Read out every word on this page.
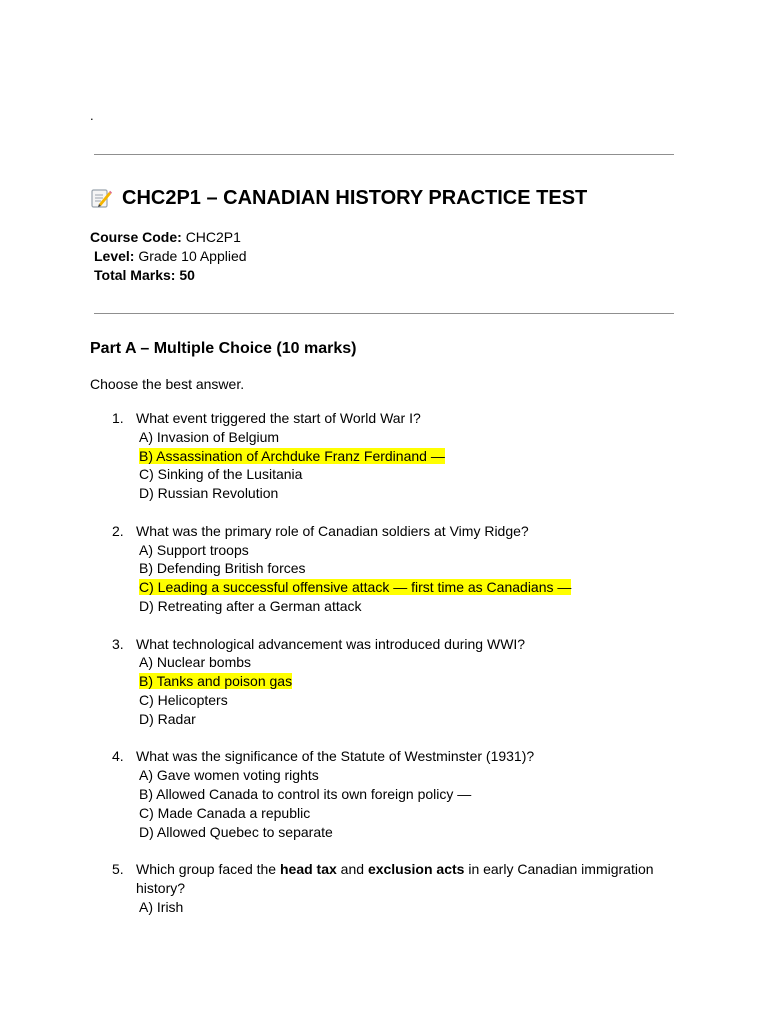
.
CHC2P1 – CANADIAN HISTORY PRACTICE TEST
Course Code: CHC2P1
Level: Grade 10 Applied
Total Marks: 50
Part A – Multiple Choice (10 marks)
Choose the best answer.
1. What event triggered the start of World War I?
A) Invasion of Belgium
B) Assassination of Archduke Franz Ferdinand —
C) Sinking of the Lusitania
D) Russian Revolution
2. What was the primary role of Canadian soldiers at Vimy Ridge?
A) Support troops
B) Defending British forces
C) Leading a successful offensive attack — first time as Canadians —
D) Retreating after a German attack
3. What technological advancement was introduced during WWI?
A) Nuclear bombs
B) Tanks and poison gas
C) Helicopters
D) Radar
4. What was the significance of the Statute of Westminster (1931)?
A) Gave women voting rights
B) Allowed Canada to control its own foreign policy —
C) Made Canada a republic
D) Allowed Quebec to separate
5. Which group faced the head tax and exclusion acts in early Canadian immigration history?
A) Irish
